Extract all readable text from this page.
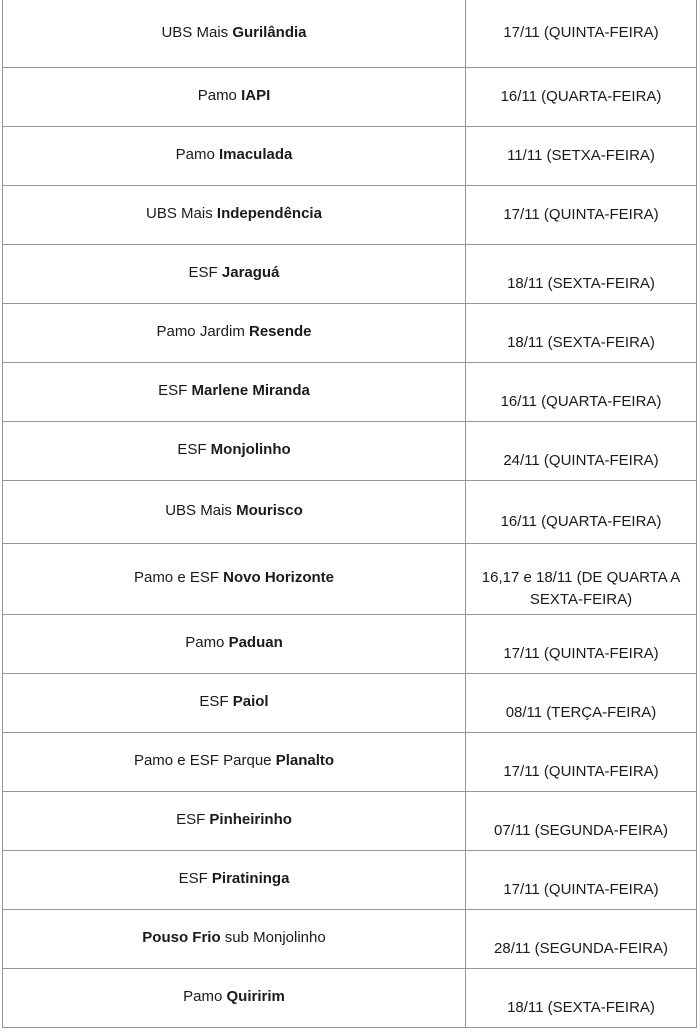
UBS Mais Gurilândia	17/11 (QUINTA-FEIRA)
Pamo IAPI	16/11 (QUARTA-FEIRA)
Pamo Imaculada	11/11 (SETXA-FEIRA)
UBS Mais Independência	17/11 (QUINTA-FEIRA)
ESF Jaraguá	18/11 (SEXTA-FEIRA)
Pamo Jardim Resende	18/11 (SEXTA-FEIRA)
ESF Marlene Miranda	16/11 (QUARTA-FEIRA)
ESF Monjolinho	24/11 (QUINTA-FEIRA)
UBS Mais Mourisco	16/11 (QUARTA-FEIRA)
Pamo e ESF Novo Horizonte	16,17 e 18/11 (DE QUARTA A SEXTA-FEIRA)
Pamo Paduan	17/11 (QUINTA-FEIRA)
ESF Paiol	08/11 (TERÇA-FEIRA)
Pamo e ESF Parque Planalto	17/11 (QUINTA-FEIRA)
ESF Pinheirinho	07/11 (SEGUNDA-FEIRA)
ESF Piratininga	17/11 (QUINTA-FEIRA)
Pouso Frio sub Monjolinho	28/11 (SEGUNDA-FEIRA)
Pamo Quiririm	18/11 (SEXTA-FEIRA)
